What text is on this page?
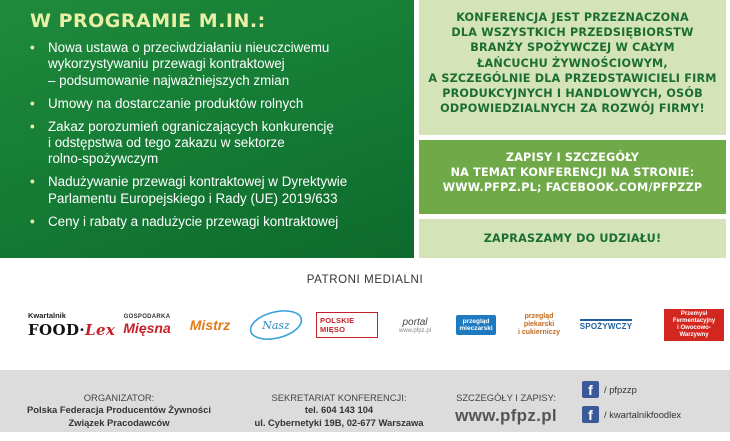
W PROGRAMIE M.IN.:
• Nowa ustawa o przeciwdziałaniu nieuczciwemu
wykorzystywaniu przewagi kontraktowej
– podsumowanie najważniejszych zmian
• Umowy na dostarczanie produktów rolnych
• Zakaz porozumień ograniczających konkurencję
i odstępstwa od tego zakazu w sektorze
rolno-spożywczym
• Nadużywanie przewagi kontraktowej w Dyrektywie
Parlamentu Europejskiego i Rady (UE) 2019/633
• Ceny i rabaty a nadużycie przewagi kontraktowej
KONFERENCJA JEST PRZEZNACZONA
DLA WSZYSTKICH PRZEDSIĘBIORSTW
BRANŻY SPOŻYWCZEJ W CAŁYM
ŁAŃCUCHU ŻYWNOŚCIOWYM,
A SZCZEGÓLNIE DLA PRZEDSTAWICIELI FIRM
PRODUKCYJNYCH I HANDLOWYCH, OSÓB
ODPOWIEDZIALNYCH ZA ROZWÓJ FIRMY!
ZAPISY I SZCZEGÓŁY
NA TEMAT KONFERENCJI NA STRONIE:
WWW.PFPZ.PL; FACEBOOK.COM/PFPZZP
ZAPRASZAMY DO UDZIAŁU!
PATRONI MEDIALNI
Kwartalnik
FOOD·Lex
GOSPODARKA
Mięsna Mistrz	Nasz	POLSKIE MIĘSO
portal
www.pfpz.pl
przegląd
mleczarski
przegląd
piekarski
i cukierniczy
SPOŻYWCZY
Przemysł
Fermentacyjny
i Owocowo-Warzywny

ORGANIZATOR:

Polska Federacja Producentów Żywności
Związek Pracodawców

SEKRETARIAT KONFERENCJI:

tel. 604 143 104
ul. Cybernetyki 19B, 02-677 Warszawa

SZCZEGÓŁY I ZAPISY:

www.pfpz.pl

f	/ pfpzzp
f	/ kwartalnikfoodlex
